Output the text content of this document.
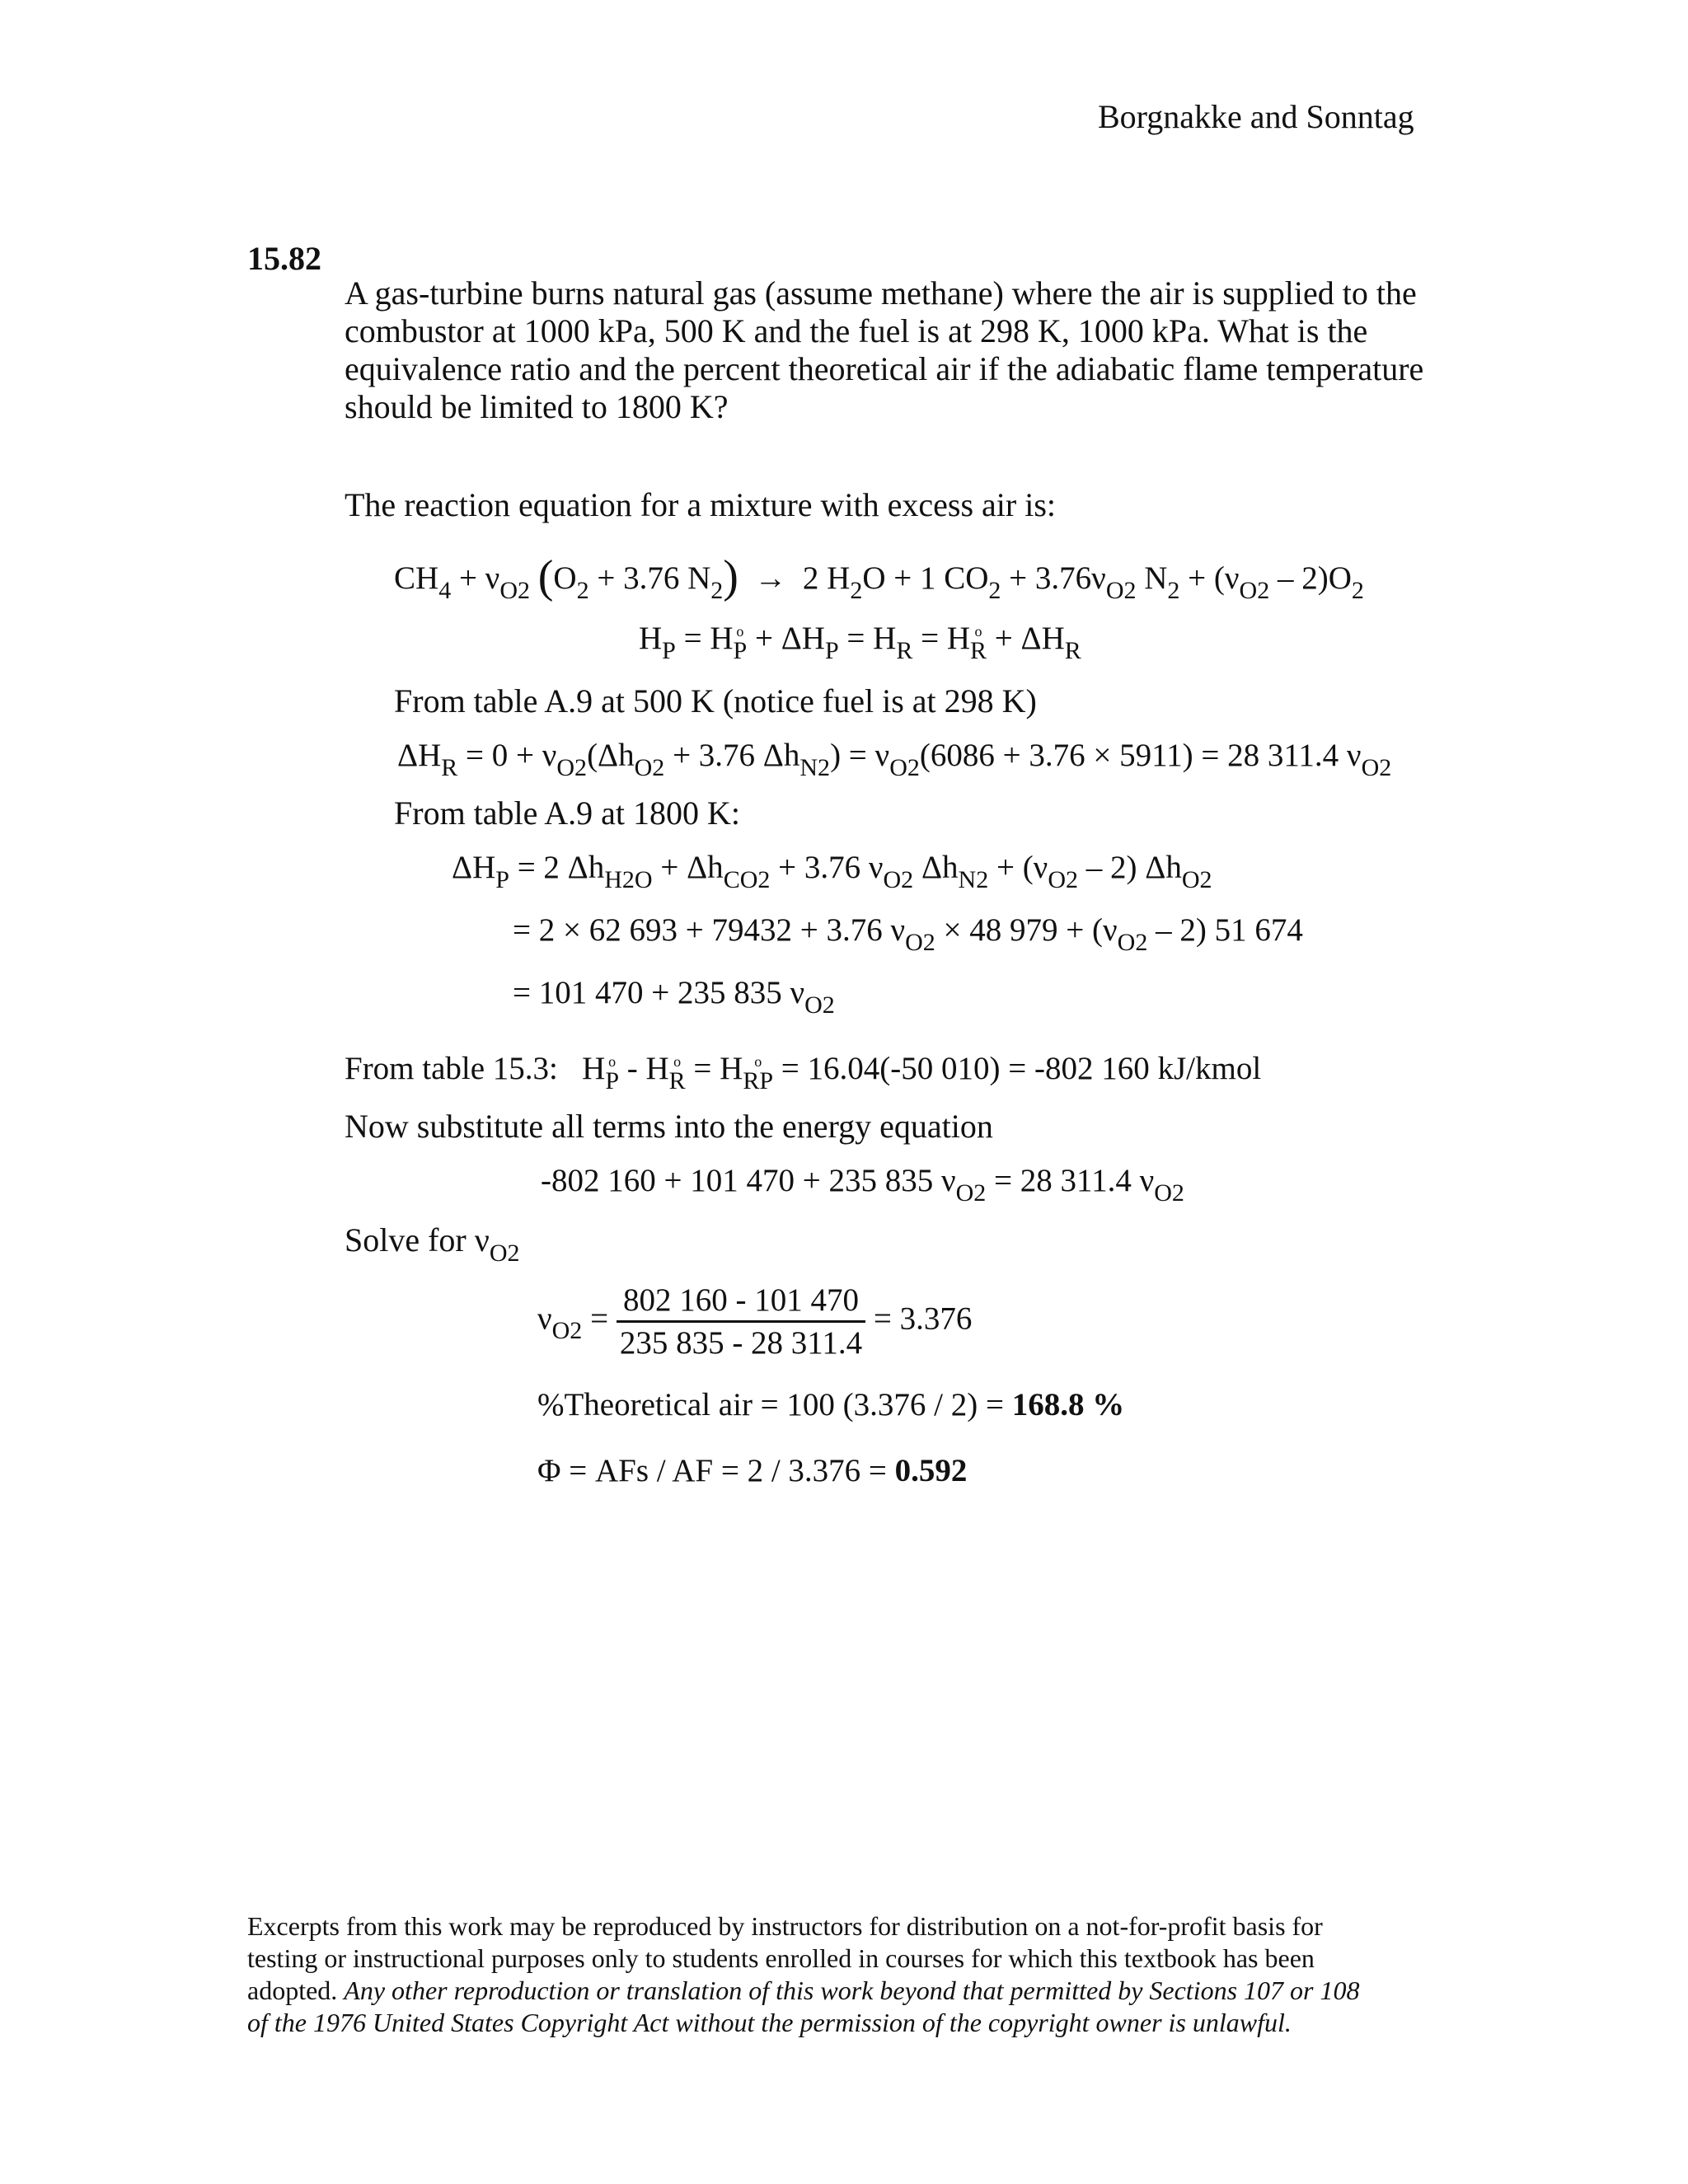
Borgnakke and Sonntag
15.82
A gas-turbine burns natural gas (assume methane) where the air is supplied to the
combustor at 1000 kPa, 500 K and the fuel is at 298 K, 1000 kPa. What is the
equivalence ratio and the percent theoretical air if the adiabatic flame temperature
should be limited to 1800 K?
The reaction equation for a mixture with excess air is:
$CH_4 + \nu_{O2}$ ($O_2 + 3.76$ $N_2) \to 2$ $H_2O + 1$ $CO_2 + 3.76\nu_{O2}$ $N_2 + (\nu_{O2} - 2)O_2$
$H_P = H$ $_{o P} + \Delta H_P = H_R = H$ $_{o R} + \Delta H_R$
From table A.9 at 500 K (notice fuel is at 298 K)
$\Delta H_R = 0 + \nu_{O2}(\Delta h_{O2} + 3.76$ $\Delta h_{N2}) = \nu_{O2}(6086 + 3.76 \times 5911) = 28$ 311.4 $\nu_{O2}$
From table A.9 at 1800 K:
$\Delta H_P = 2$ $\Delta h_{H2O} + \Delta h_{CO2} + 3.76$ $\nu_{O2}$ $\Delta h_{N2} + (\nu_{O2} - 2)$ $\Delta h_{O2}$
= 2 × 62 693 + 79432 + 3.76 $\nu_{O2} \times 48$ $979 + (\nu_{O2} - 2)$ 51 674
= 101 470 + 235 835 $\nu_{O2}$
From table 15.3:   H $_{o P}$ - H $_{o R}$ = H $_{o RP}$ = 16.04(-50 010) = -802 160 kJ/kmol
Now substitute all terms into the energy equation
-802 160 + 101 470 + 235 835 $\nu_{O2} = 28$ 311.4 $\nu_{O2}$
Solve for $\nu_{O2}$
$\nu_{O2} = \frac{802 160 - 101 470}{235 835 - 28 311.4} = 3.376$
%Theoretical air = 100 (3.376 / 2) = 168.8 %
Φ = AFs / AF = 2 / 3.376 = 0.592
Excerpts from this work may be reproduced by instructors for distribution on a not-for-profit basis for
testing or instructional purposes only to students enrolled in courses for which this textbook has been
adopted. Any other reproduction or translation of this work beyond that permitted by Sections 107 or 108
of the 1976 United States Copyright Act without the permission of the copyright owner is unlawful.
